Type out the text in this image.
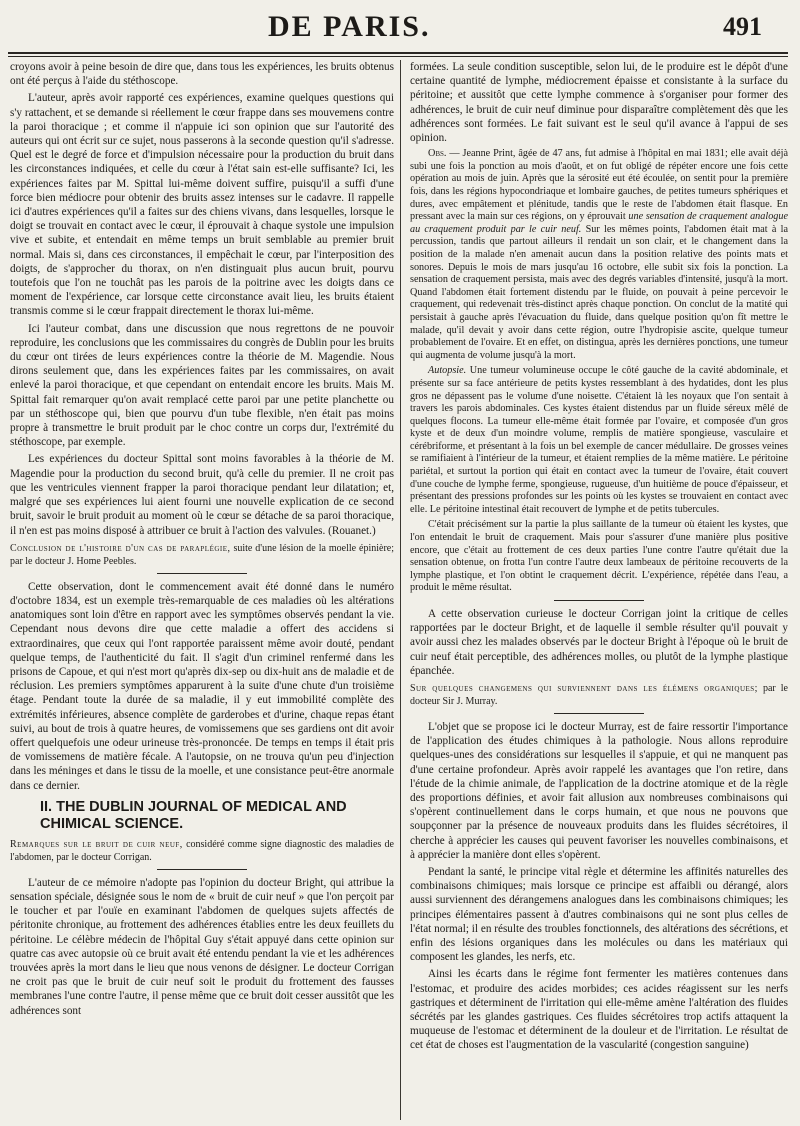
DE PARIS.	491

croyons avoir à peine besoin de dire que, dans tous les expériences, les bruits obtenus ont été perçus à l'aide du stéthoscope.

L'auteur, après avoir rapporté ces expériences, examine quelques questions qui s'y rattachent, et se demande si réellement le cœur frappe dans ses mouvemens contre la paroi thoracique ; et comme il n'appuie ici son opinion que sur l'autorité des auteurs qui ont écrit sur ce sujet, nous passerons à la seconde question qu'il s'adresse. Quel est le degré de force et d'impulsion nécessaire pour la production du bruit dans les circonstances indiquées, et celle du cœur à l'état sain est-elle suffisante? Ici, les expériences faites par M. Spittal lui-même doivent suffire, puisqu'il a suffi d'une force bien médiocre pour obtenir des bruits assez intenses sur le cadavre. Il rappelle ici d'autres expériences qu'il a faites sur des chiens vivans, dans lesquelles, lorsque le doigt se trouvait en contact avec le cœur, il éprouvait à chaque systole une impulsion vive et subite, et entendait en même temps un bruit semblable au premier bruit normal. Mais si, dans ces circonstances, il empêchait le cœur, par l'interposition des doigts, de s'approcher du thorax, on n'en distinguait plus aucun bruit, pourvu toutefois que l'on ne touchât pas les parois de la poitrine avec les doigts dans ce moment de l'expérience, car lorsque cette circonstance avait lieu, les bruits étaient transmis comme si le cœur frappait directement le thorax lui-même.

Ici l'auteur combat, dans une discussion que nous regrettons de ne pouvoir reproduire, les conclusions que les commissaires du congrès de Dublin pour les bruits du cœur ont tirées de leurs expériences contre la théorie de M. Magendie. Nous dirons seulement que, dans les expériences faites par les commissaires, on avait enlevé la paroi thoracique, et que cependant on entendait encore les bruits. Mais M. Spittal fait remarquer qu'on avait remplacé cette paroi par une petite planchette ou par un stéthoscope qui, bien que pourvu d'un tube flexible, n'en était pas moins propre à transmettre le bruit produit par le choc contre un corps dur, l'extrémité du stéthoscope, par exemple.

Les expériences du docteur Spittal sont moins favorables à la théorie de M. Magendie pour la production du second bruit, qu'à celle du premier. Il ne croit pas que les ventricules viennent frapper la paroi thoracique pendant leur dilatation; et, malgré que ses expériences lui aient fourni une nouvelle explication de ce second bruit, savoir le bruit produit au moment où le cœur se détache de sa paroi thoracique, il n'en est pas moins disposé à attribuer ce bruit à l'action des valvules. (Rouanet.)

Conclusion de l'histoire d'un cas de paraplégie, suite d'une lésion de la moelle épinière; par le docteur J. Home Peebles.

Cette observation, dont le commencement avait été donné dans le numéro d'octobre 1834, est un exemple très-remarquable de ces maladies où les altérations anatomiques sont loin d'être en rapport avec les symptômes observés pendant la vie. Cependant nous devons dire que cette maladie a offert des accidens si extraordinaires, que ceux qui l'ont rapportée paraissent même avoir douté, pendant quelque temps, de l'authenticité du fait. Il s'agit d'un criminel renfermé dans les prisons de Capoue, et qui n'est mort qu'après dix-sep ou dix-huit ans de maladie et de réclusion. Les premiers symptômes apparurent à la suite d'une chute d'un troisième étage. Pendant toute la durée de sa maladie, il y eut immobilité complète des extrémités inférieures, absence complète de garderobes et d'urine, chaque repas étant suivi, au bout de trois à quatre heures, de vomissemens que ses gardiens ont dit avoir offert quelquefois une odeur urineuse très-prononcée. De temps en temps il était pris de vomissemens de matière fécale. A l'autopsie, on ne trouva qu'un peu d'injection dans les méninges et dans le tissu de la moelle, et une consistance peut-être anormale dans ce dernier.

II. THE DUBLIN JOURNAL OF MEDICAL AND CHIMICAL SCIENCE.

Remarques sur le bruit de cuir neuf, considéré comme signe diagnostic des maladies de l'abdomen, par le docteur Corrigan.

L'auteur de ce mémoire n'adopte pas l'opinion du docteur Bright, qui attribue la sensation spéciale, désignée sous le nom de « bruit de cuir neuf » que l'on perçoit par le toucher et par l'ouïe en examinant l'abdomen de quelques sujets affectés de péritonite chronique, au frottement des adhérences établies entre les deux feuillets du péritoine. Le célèbre médecin de l'hôpital Guy s'était appuyé dans cette opinion sur quatre cas avec autopsie où ce bruit avait été entendu pendant la vie et les adhérences trouvées après la mort dans le lieu que nous venons de désigner. Le docteur Corrigan ne croit pas que le bruit de cuir neuf soit le produit du frottement des fausses membranes l'une contre l'autre, il pense même que ce bruit doit cesser aussitôt que les adhérences sont

formées. La seule condition susceptible, selon lui, de le produire est le dépôt d'une certaine quantité de lymphe, médiocrement épaisse et consistante à la surface du péritoine; et aussitôt que cette lymphe commence à s'organiser pour former des adhérences, le bruit de cuir neuf diminue pour disparaître complètement dès que les adhérences sont formées. Le fait suivant est le seul qu'il avance à l'appui de ses opinion.

Obs. — Jeanne Print, âgée de 47 ans, fut admise à l'hôpital en mai 1831; elle avait déjà subi une fois la ponction au mois d'août, et on fut obligé de répéter encore une fois cette opération au mois de juin. Après que la sérosité eut été écoulée, on sentit pour la première fois, dans les régions hypocondriaque et lombaire gauches, de petites tumeurs sphériques et dures, avec empâtement et plénitude, tandis que le reste de l'abdomen était flasque. En pressant avec la main sur ces régions, on y éprouvait une sensation de craquement analogue au craquement produit par le cuir neuf. Sur les mêmes points, l'abdomen était mat à la percussion, tandis que partout ailleurs il rendait un son clair, et le changement dans la position de la malade n'en amenait aucun dans la position relative des points mats et sonores. Depuis le mois de mars jusqu'au 16 octobre, elle subit six fois la ponction. La sensation de craquement persista, mais avec des degrés variables d'intensité, jusqu'à la mort. Quand l'abdomen était fortement distendu par le fluide, on pouvait à peine percevoir le craquement, qui redevenait très-distinct après chaque ponction. On conclut de la matité qui persistait à gauche après l'évacuation du fluide, dans quelque position qu'on fît mettre le malade, qu'il devait y avoir dans cette région, outre l'hydropisie ascite, quelque tumeur probablement de l'ovaire. Et en effet, on distingua, après les dernières ponctions, une tumeur qui augmenta de volume jusqu'à la mort.

Autopsie. Une tumeur volumineuse occupe le côté gauche de la cavité abdominale, et présente sur sa face antérieure de petits kystes ressemblant à des hydatides, dont les plus gros ne dépassent pas le volume d'une noisette. C'étaient là les noyaux que l'on sentait à travers les parois abdominales. Ces kystes étaient distendus par un fluide séreux mêlé de quelques flocons. La tumeur elle-même était formée par l'ovaire, et composée d'un gros kyste et de deux d'un moindre volume, remplis de matière spongieuse, vasculaire et cérébriforme, et présentant à la fois un bel exemple de cancer médullaire. De grosses veines se ramifiaient à l'intérieur de la tumeur, et étaient remplies de la même matière. Le péritoine pariétal, et surtout la portion qui était en contact avec la tumeur de l'ovaire, était couvert d'une couche de lymphe ferme, spongieuse, rugueuse, d'un huitième de pouce d'épaisseur, et présentant des pressions profondes sur les points où les kystes se trouvaient en contact avec elle. Le péritoine intestinal était recouvert de lymphe et de petits tubercules.

C'était précisément sur la partie la plus saillante de la tumeur où étaient les kystes, que l'on entendait le bruit de craquement. Mais pour s'assurer d'une manière plus positive encore, que c'était au frottement de ces deux parties l'une contre l'autre qu'était due la sensation obtenue, on frotta l'un contre l'autre deux lambeaux de péritoine recouverts de la lymphe plastique, et l'on obtint le craquement décrit. L'expérience, répétée dans l'eau, a produit le même résultat.

A cette observation curieuse le docteur Corrigan joint la critique de celles rapportées par le docteur Bright, et de laquelle il semble résulter qu'il pouvait y avoir aussi chez les malades observés par le docteur Bright à l'époque où le bruit de cuir neuf était perceptible, des adhérences molles, ou plutôt de la lymphe plastique épanchée.

Sur quelques changemens qui surviennent dans les élémens organiques; par le docteur Sir J. Murray.

L'objet que se propose ici le docteur Murray, est de faire ressortir l'importance de l'application des études chimiques à la pathologie. Nous allons reproduire quelques-unes des considérations sur lesquelles il s'appuie, et qui ne manquent pas d'une certaine profondeur. Après avoir rappelé les avantages que l'on retire, dans l'étude de la chimie animale, de l'application de la doctrine atomique et de la règle des proportions définies, et avoir fait allusion aux nombreuses combinaisons qui s'opèrent continuellement dans le corps humain, et que nous ne pouvons que soupçonner par la présence de nouveaux produits dans les fluides sécrétoires, il cherche à apprécier les causes qui peuvent favoriser les nouvelles combinaisons, et à apprécier la manière dont elles s'opèrent.

Pendant la santé, le principe vital règle et détermine les affinités naturelles des combinaisons chimiques; mais lorsque ce principe est affaibli ou dérangé, alors aussi surviennent des dérangemens analogues dans les combinaisons chimiques; les principes élémentaires passent à d'autres combinaisons qui ne sont plus celles de l'état normal; il en résulte des troubles fonctionnels, des altérations des sécrétions, et enfin des lésions organiques dans les molécules ou dans les matériaux qui composent les glandes, les nerfs, etc.

Ainsi les écarts dans le régime font fermenter les matières contenues dans l'estomac, et produire des acides morbides; ces acides réagissent sur les nerfs gastriques et déterminent de l'irritation qui elle-même amène l'altération des fluides sécrétés par les glandes gastriques. Ces fluides sécrétoires trop actifs attaquent la muqueuse de l'estomac et déterminent de la douleur et de l'irritation. Le résultat de cet état de choses est l'augmentation de la vascularité (congestion sanguine)
